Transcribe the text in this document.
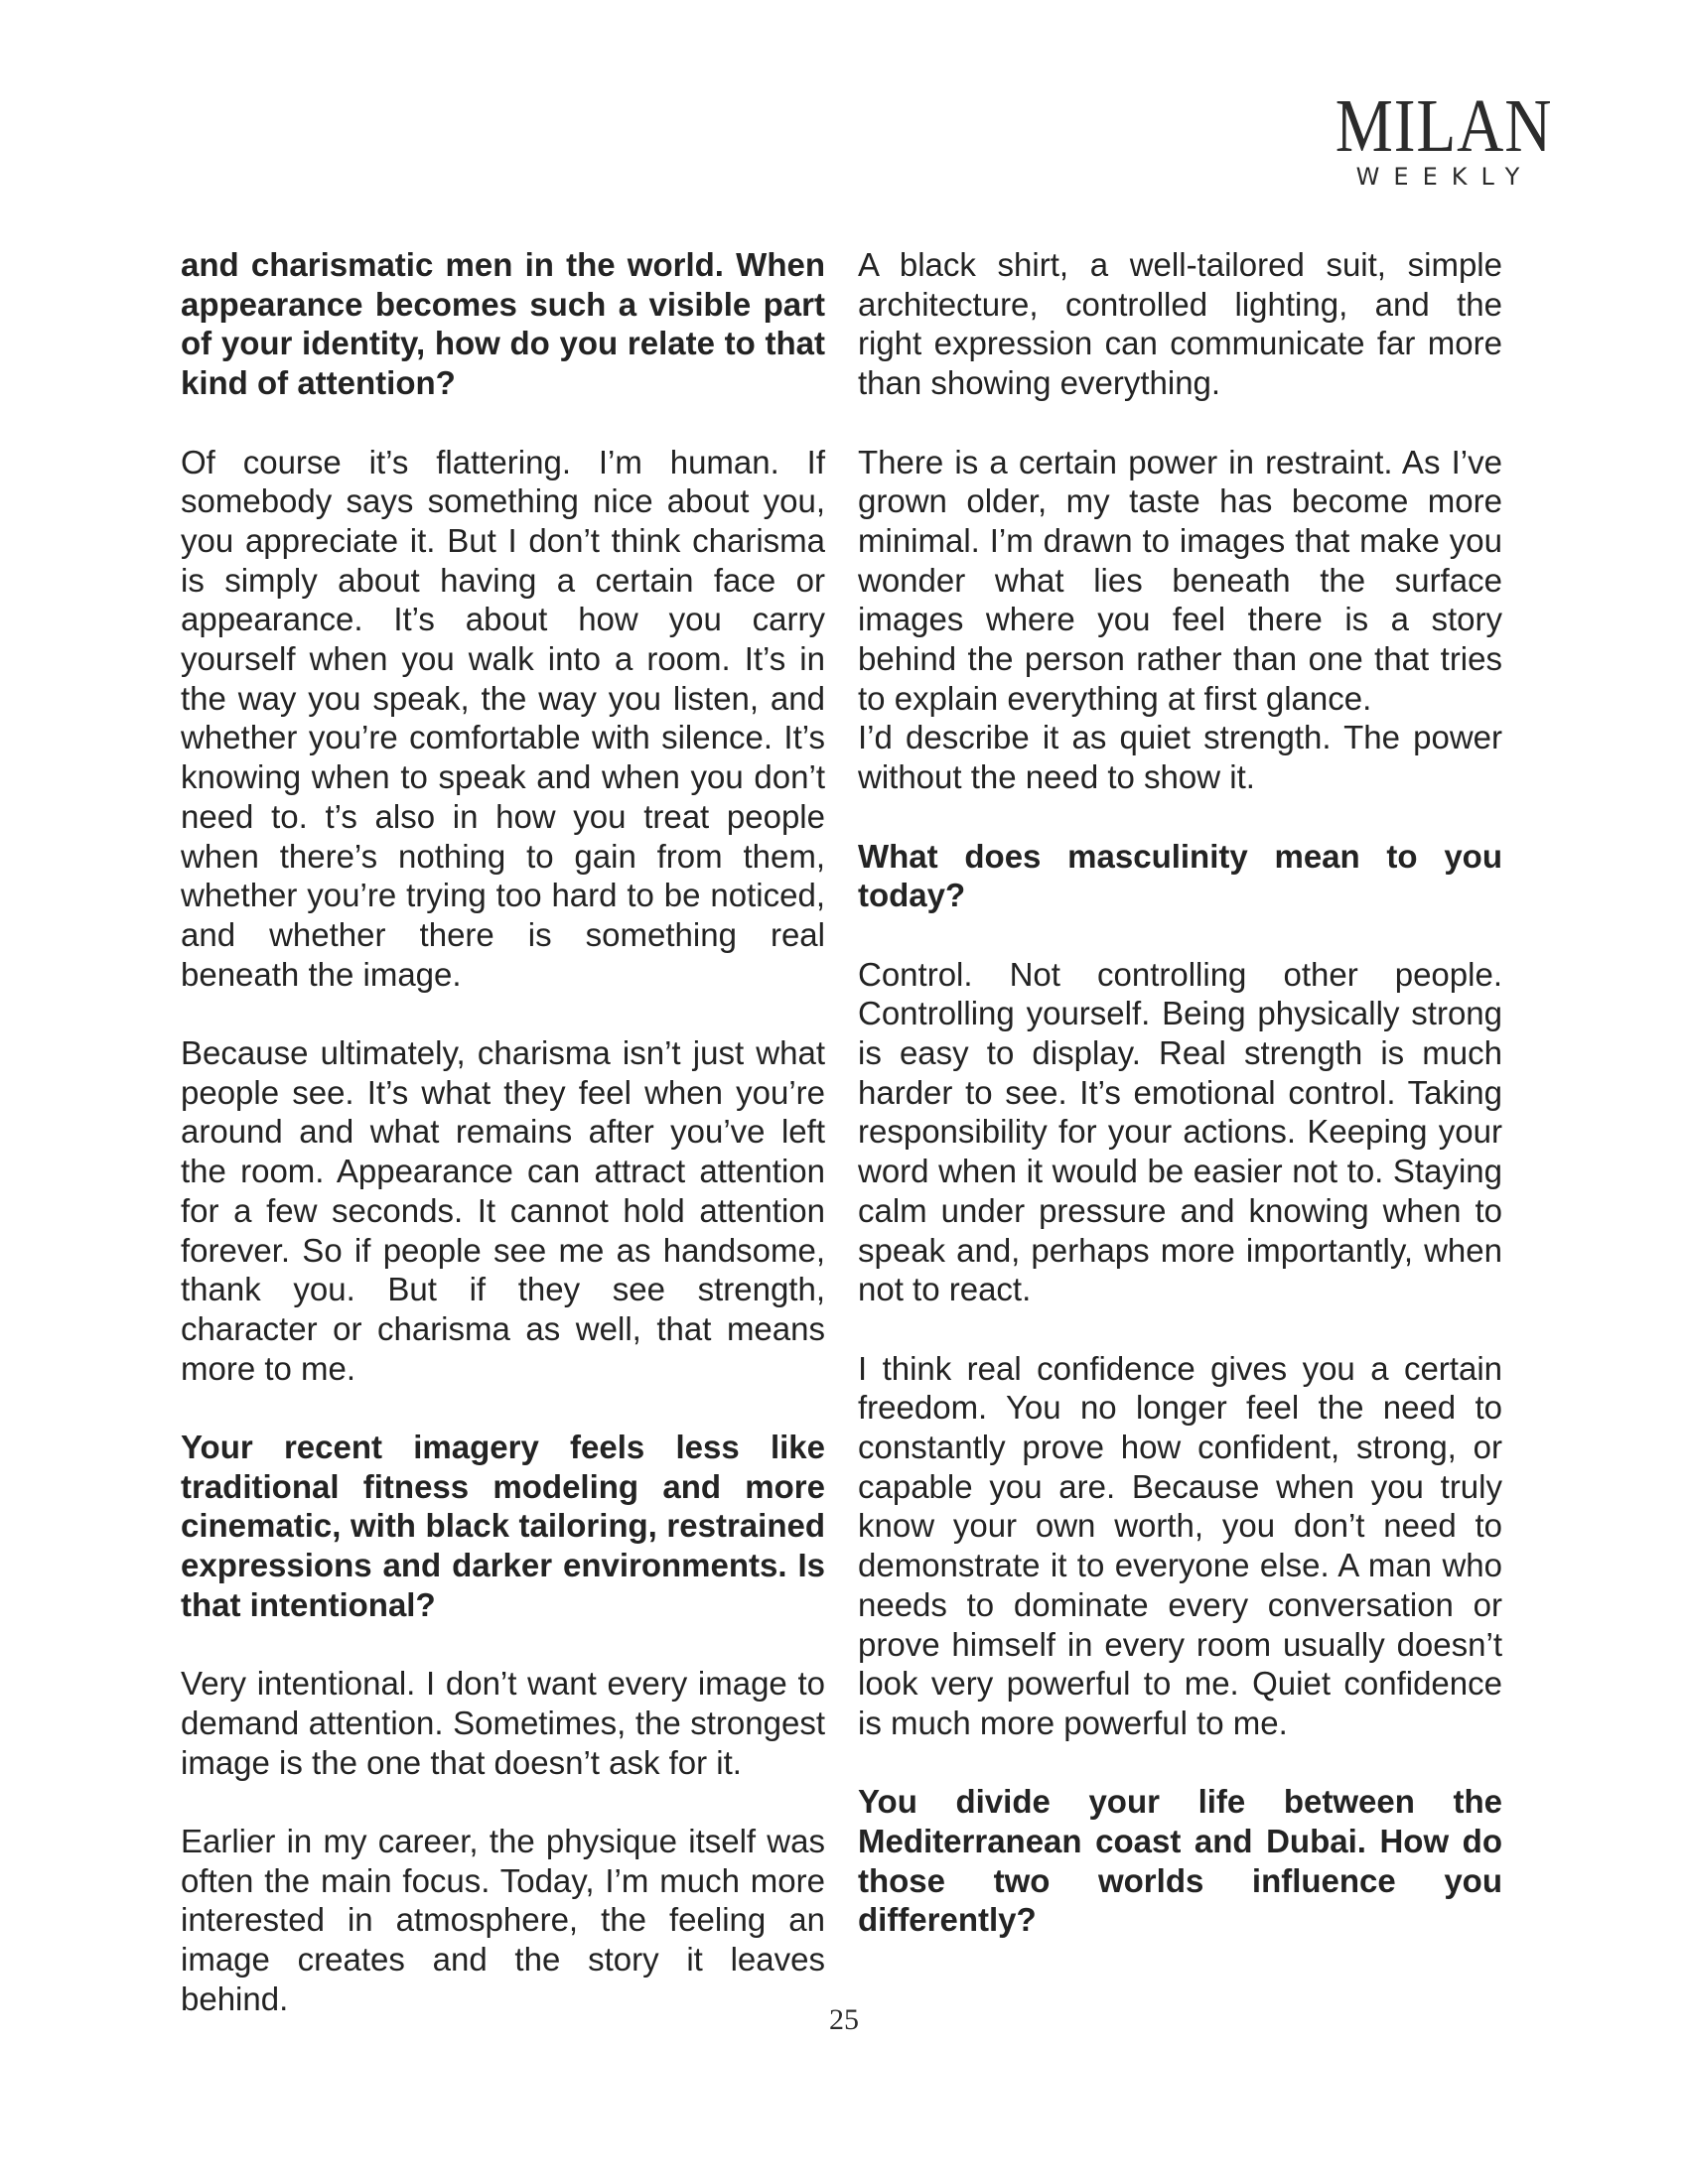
MILAN
WEEKLY

and charismatic men in the world. When appearance becomes such a visible part of your identity, how do you relate to that kind of attention?

Of course it’s flattering. I’m human. If somebody says something nice about you, you appreciate it. But I don’t think charisma is simply about having a certain face or appearance. It’s about how you carry yourself when you walk into a room. It’s in the way you speak, the way you listen, and whether you’re comfortable with silence. It’s knowing when to speak and when you don’t need to. t’s also in how you treat people when there’s nothing to gain from them, whether you’re trying too hard to be noticed, and whether there is something real beneath the image.

Because ultimately, charisma isn’t just what people see. It’s what they feel when you’re around and what remains after you’ve left the room. Appearance can attract attention for a few seconds. It cannot hold attention forever. So if people see me as handsome, thank you. But if they see strength, character or charisma as well, that means more to me.

Your recent imagery feels less like traditional fitness modeling and more cinematic, with black tailoring, restrained expressions and darker environments. Is that intentional?

Very intentional. I don’t want every image to demand attention. Sometimes, the strongest image is the one that doesn’t ask for it.

Earlier in my career, the physique itself was often the main focus. Today, I’m much more interested in atmosphere, the feeling an image creates and the story it leaves behind.

A black shirt, a well-tailored suit, simple architecture, controlled lighting, and the right expression can communicate far more than showing everything.

There is a certain power in restraint. As I’ve grown older, my taste has become more minimal. I’m drawn to images that make you wonder what lies beneath the surface images where you feel there is a story behind the person rather than one that tries to explain everything at first glance.

I’d describe it as quiet strength. The power without the need to show it.

What does masculinity mean to you today?

Control. Not controlling other people. Controlling yourself. Being physically strong is easy to display. Real strength is much harder to see. It’s emotional control. Taking responsibility for your actions. Keeping your word when it would be easier not to. Staying calm under pressure and knowing when to speak and, perhaps more importantly, when not to react.

I think real confidence gives you a certain freedom. You no longer feel the need to constantly prove how confident, strong, or capable you are. Because when you truly know your own worth, you don’t need to demonstrate it to everyone else. A man who needs to dominate every conversation or prove himself in every room usually doesn’t look very powerful to me. Quiet confidence is much more powerful to me.

You divide your life between the Mediterranean coast and Dubai. How do those two worlds influence you differently?

25
